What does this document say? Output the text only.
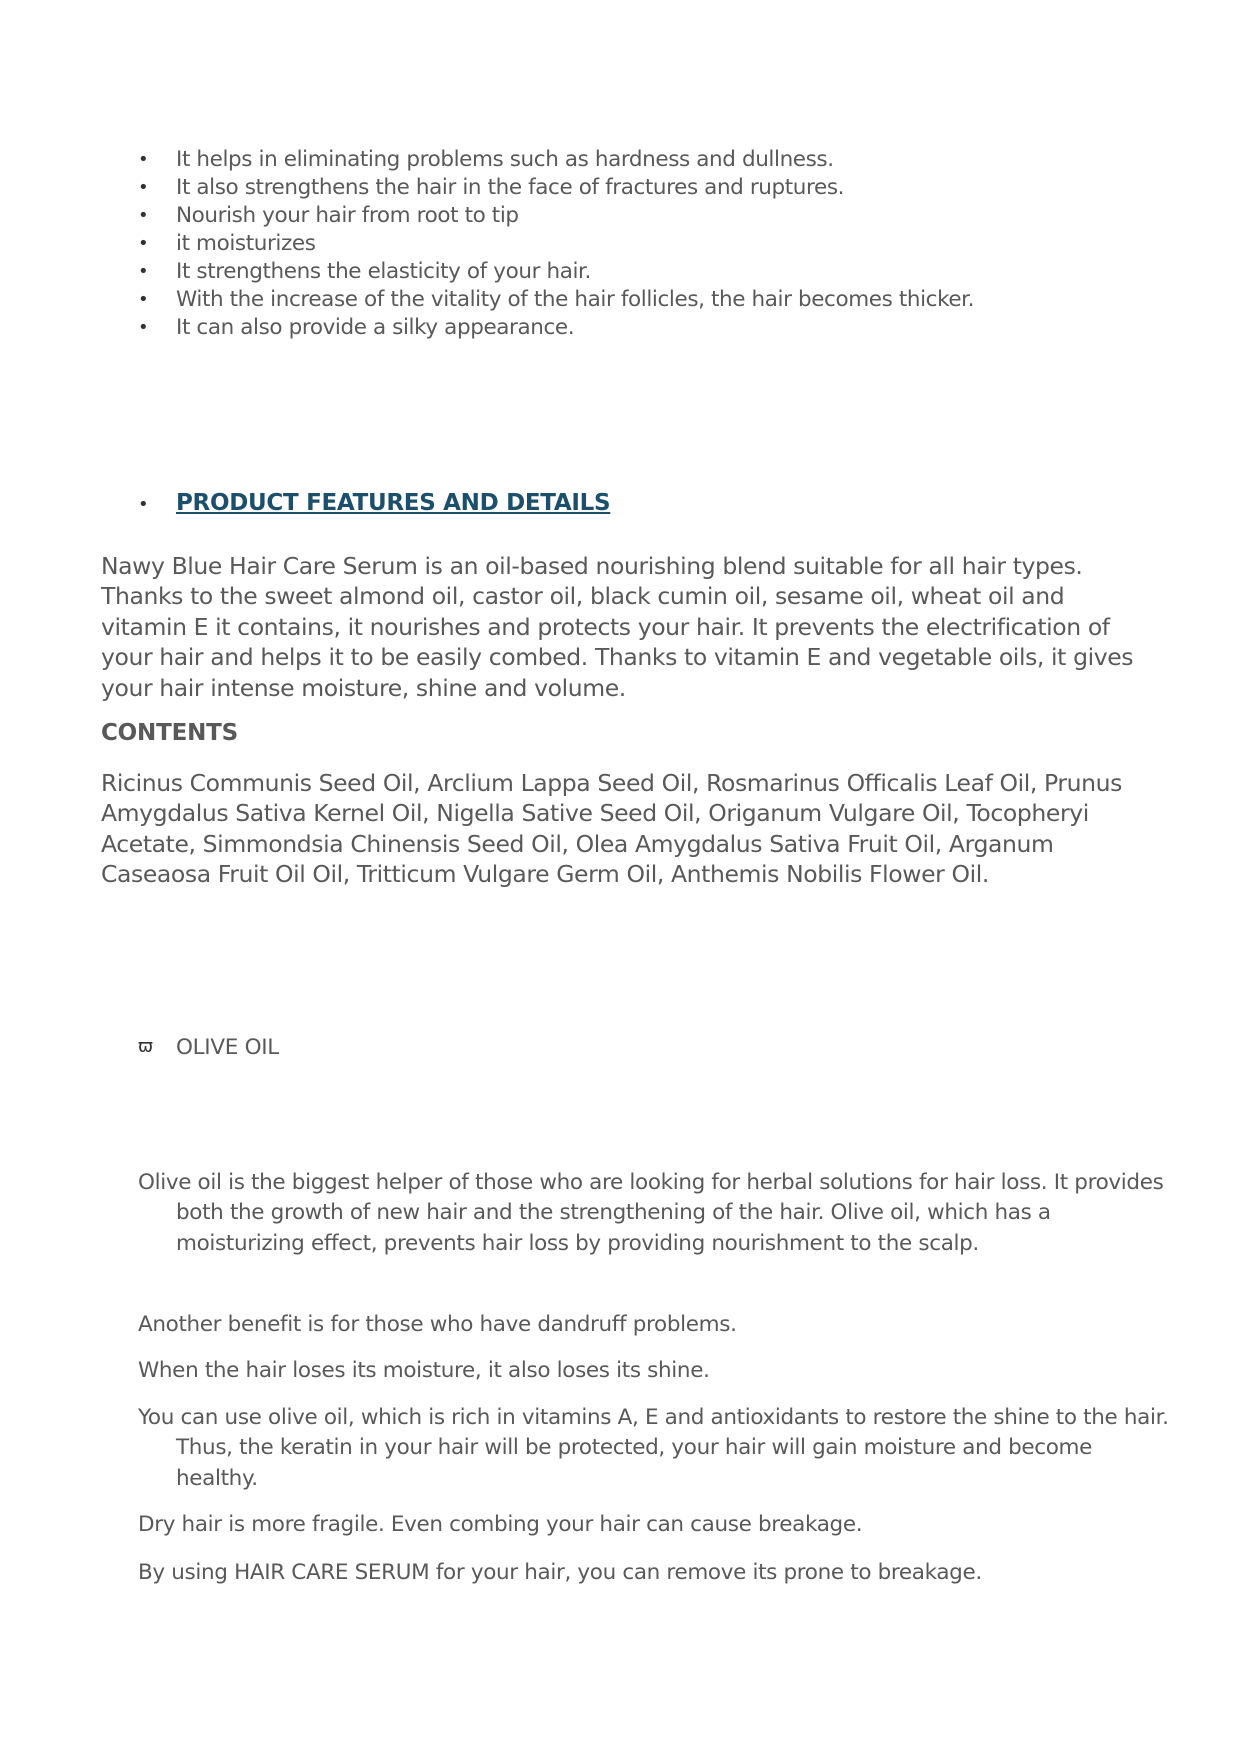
• It helps in eliminating problems such as hardness and dullness.
• It also strengthens the hair in the face of fractures and ruptures.
• Nourish your hair from root to tip
• it moisturizes
• It strengthens the elasticity of your hair.
• With the increase of the vitality of the hair follicles, the hair becomes thicker.
• It can also provide a silky appearance.
• PRODUCT FEATURES AND DETAILS

Nawy Blue Hair Care Serum is an oil-based nourishing blend suitable for all hair types. Thanks to the sweet almond oil, castor oil, black cumin oil, sesame oil, wheat oil and vitamin E it contains, it nourishes and protects your hair. It prevents the electrification of your hair and helps it to be easily combed. Thanks to vitamin E and vegetable oils, it gives your hair intense moisture, shine and volume.

CONTENTS

Ricinus Communis Seed Oil, Arclium Lappa Seed Oil, Rosmarinus Officalis Leaf Oil, Prunus Amygdalus Sativa Kernel Oil, Nigella Sative Seed Oil, Origanum Vulgare Oil, Tocopheryi Acetate, Simmondsia Chinensis Seed Oil, Olea Amygdalus Sativa Fruit Oil, Arganum Caseaosa Fruit Oil Oil, Tritticum Vulgare Germ Oil, Anthemis Nobilis Flower Oil.

ϖ OLIVE OIL

Olive oil is the biggest helper of those who are looking for herbal solutions for hair loss. It provides both the growth of new hair and the strengthening of the hair. Olive oil, which has a moisturizing effect, prevents hair loss by providing nourishment to the scalp.

Another benefit is for those who have dandruff problems.

When the hair loses its moisture, it also loses its shine.

You can use olive oil, which is rich in vitamins A, E and antioxidants to restore the shine to the hair. Thus, the keratin in your hair will be protected, your hair will gain moisture and become healthy.

Dry hair is more fragile. Even combing your hair can cause breakage.

By using HAIR CARE SERUM for your hair, you can remove its prone to breakage.
